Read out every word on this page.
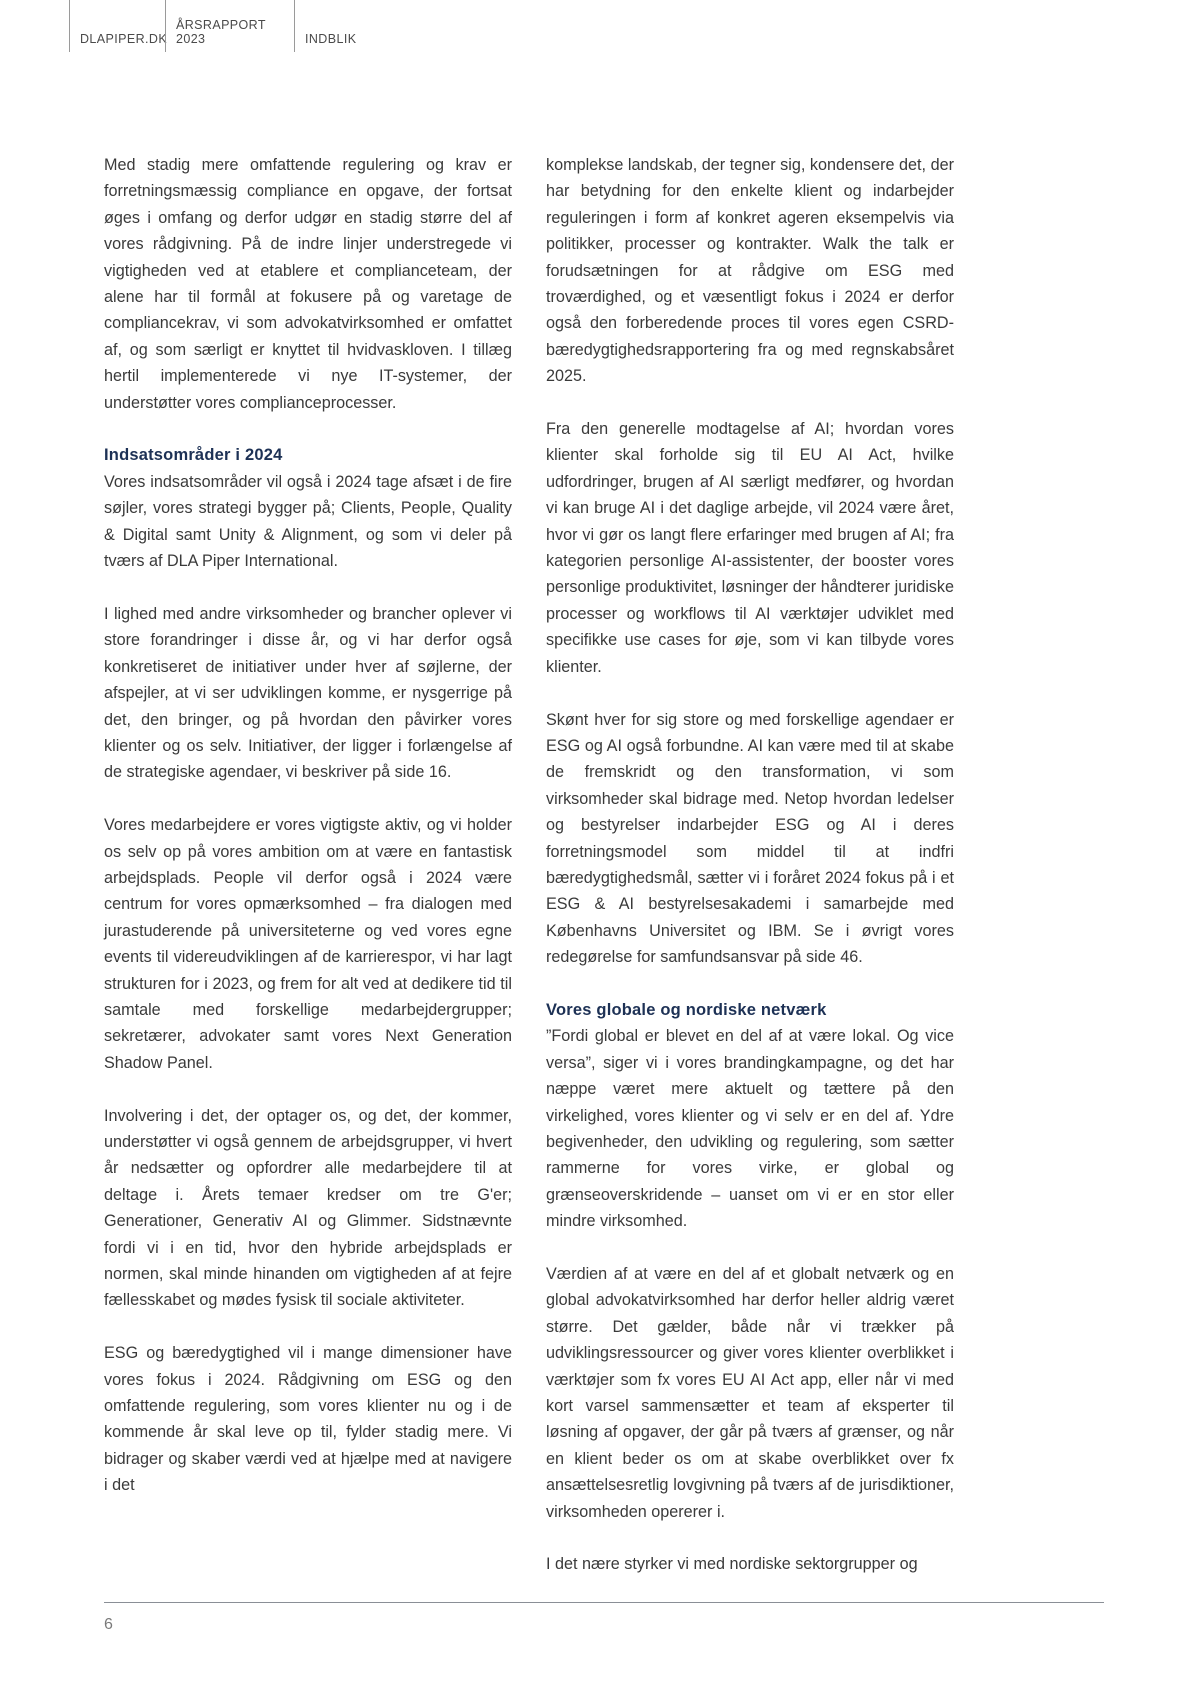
DLAPIPER.DK
ÅRSRAPPORT 2023	INDBLIK

Med stadig mere omfattende regulering og krav er forretningsmæssig compliance en opgave, der fortsat øges i omfang og derfor udgør en stadig større del af vores rådgivning. På de indre linjer understregede vi vigtigheden ved at etablere et complianceteam, der alene har til formål at fokusere på og varetage de compliancekrav, vi som advokatvirksomhed er omfattet af, og som særligt er knyttet til hvidvaskloven. I tillæg hertil implementerede vi nye IT-systemer, der understøtter vores complianceprocesser.

Indsatsområder i 2024

Vores indsatsområder vil også i 2024 tage afsæt i de fire søjler, vores strategi bygger på; Clients, People, Quality & Digital samt Unity & Alignment, og som vi deler på tværs af DLA Piper International.

I lighed med andre virksomheder og brancher oplever vi store forandringer i disse år, og vi har derfor også konkretiseret de initiativer under hver af søjlerne, der afspejler, at vi ser udviklingen komme, er nysgerrige på det, den bringer, og på hvordan den påvirker vores klienter og os selv. Initiativer, der ligger i forlængelse af de strategiske agendaer, vi beskriver på side 16.

Vores medarbejdere er vores vigtigste aktiv, og vi holder os selv op på vores ambition om at være en fantastisk arbejdsplads. People vil derfor også i 2024 være centrum for vores opmærksomhed – fra dialogen med jurastuderende på universiteterne og ved vores egne events til videreudviklingen af de karrierespor, vi har lagt strukturen for i 2023, og frem for alt ved at dedikere tid til samtale med forskellige medarbejdergrupper; sekretærer, advokater samt vores Next Generation Shadow Panel.

Involvering i det, der optager os, og det, der kommer, understøtter vi også gennem de arbejdsgrupper, vi hvert år nedsætter og opfordrer alle medarbejdere til at deltage i. Årets temaer kredser om tre G'er; Generationer, Generativ AI og Glimmer. Sidstnævnte fordi vi i en tid, hvor den hybride arbejdsplads er normen, skal minde hinanden om vigtigheden af at fejre fællesskabet og mødes fysisk til sociale aktiviteter.

ESG og bæredygtighed vil i mange dimensioner have vores fokus i 2024. Rådgivning om ESG og den omfattende regulering, som vores klienter nu og i de kommende år skal leve op til, fylder stadig mere. Vi bidrager og skaber værdi ved at hjælpe med at navigere i det

komplekse landskab, der tegner sig, kondensere det, der har betydning for den enkelte klient og indarbejder reguleringen i form af konkret ageren eksempelvis via politikker, processer og kontrakter. Walk the talk er forudsætningen for at rådgive om ESG med troværdighed, og et væsentligt fokus i 2024 er derfor også den forberedende proces til vores egen CSRD-bæredygtighedsrapportering fra og med regnskabsåret 2025.

Fra den generelle modtagelse af AI; hvordan vores klienter skal forholde sig til EU AI Act, hvilke udfordringer, brugen af AI særligt medfører, og hvordan vi kan bruge AI i det daglige arbejde, vil 2024 være året, hvor vi gør os langt flere erfaringer med brugen af AI; fra kategorien personlige AI-assistenter, der booster vores personlige produktivitet, løsninger der håndterer juridiske processer og workflows til AI værktøjer udviklet med specifikke use cases for øje, som vi kan tilbyde vores klienter.

Skønt hver for sig store og med forskellige agendaer er ESG og AI også forbundne. AI kan være med til at skabe de fremskridt og den transformation, vi som virksomheder skal bidrage med. Netop hvordan ledelser og bestyrelser indarbejder ESG og AI i deres forretningsmodel som middel til at indfri bæredygtighedsmål, sætter vi i foråret 2024 fokus på i et ESG & AI bestyrelsesakademi i samarbejde med Københavns Universitet og IBM. Se i øvrigt vores redegørelse for samfundsansvar på side 46.

Vores globale og nordiske netværk

”Fordi global er blevet en del af at være lokal. Og vice versa”, siger vi i vores brandingkampagne, og det har næppe været mere aktuelt og tættere på den virkelighed, vores klienter og vi selv er en del af. Ydre begivenheder, den udvikling og regulering, som sætter rammerne for vores virke, er global og grænseoverskridende – uanset om vi er en stor eller mindre virksomhed.

Værdien af at være en del af et globalt netværk og en global advokatvirksomhed har derfor heller aldrig været større. Det gælder, både når vi trækker på udviklingsressourcer og giver vores klienter overblikket i værktøjer som fx vores EU AI Act app, eller når vi med kort varsel sammensætter et team af eksperter til løsning af opgaver, der går på tværs af grænser, og når en klient beder os om at skabe overblikket over fx ansættelsesretlig lovgivning på tværs af de jurisdiktioner, virksomheden opererer i.

I det nære styrker vi med nordiske sektorgrupper og

6
